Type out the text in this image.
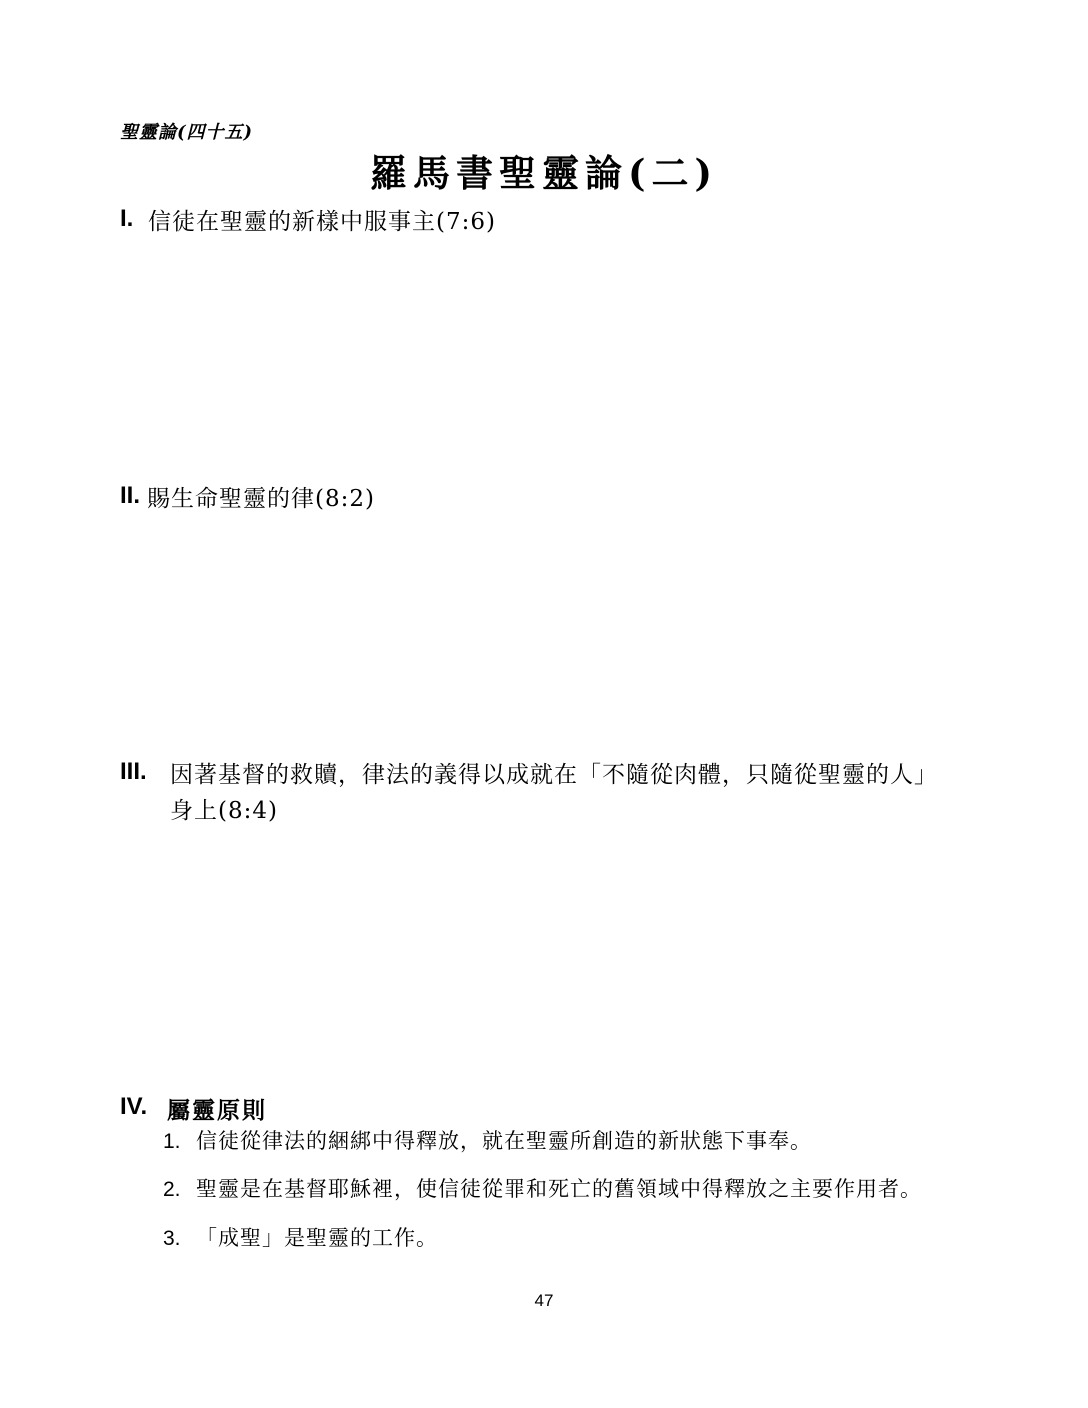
聖靈論(四十五)
羅馬書聖靈論(二)
I. 信徒在聖靈的新樣中服事主(7:6)
II. 賜生命聖靈的律(8:2)
III.	因著基督的救贖，律法的義得以成就在「不隨從肉體，只隨從聖靈的人」
身上(8:4)
IV. 屬靈原則
1. 信徒從律法的綑綁中得釋放，就在聖靈所創造的新狀態下事奉。
2. 聖靈是在基督耶穌裡，使信徒從罪和死亡的舊領域中得釋放之主要作用者。
3. 「成聖」是聖靈的工作。
47
